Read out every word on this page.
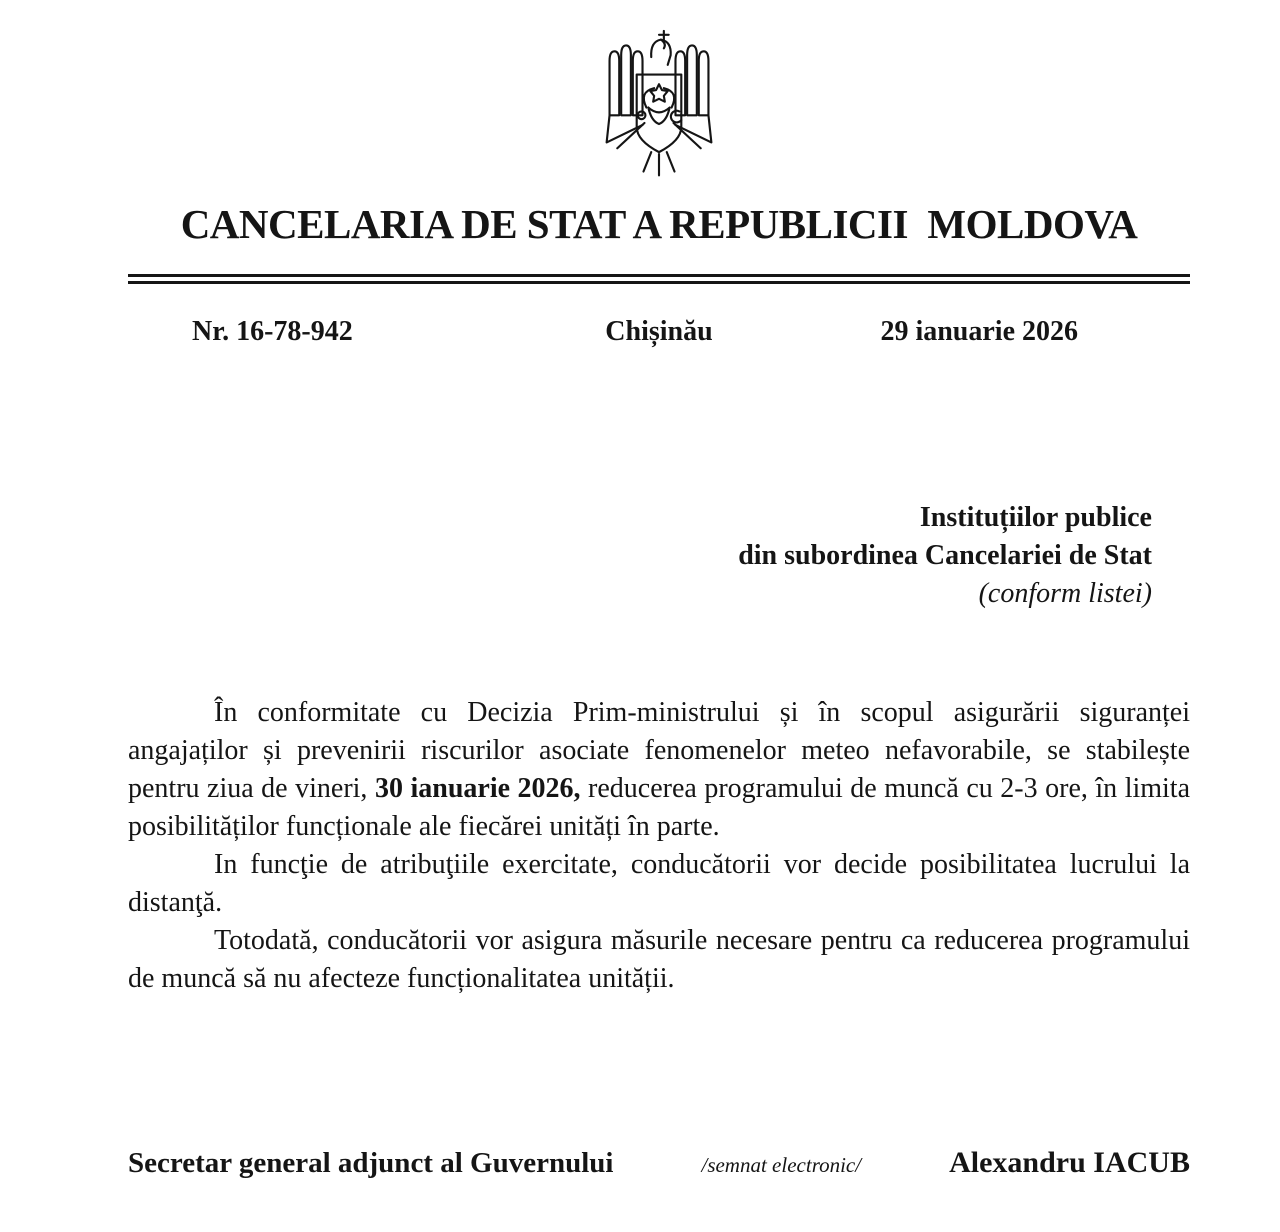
CANCELARIA DE STAT A REPUBLICII  MOLDOVA
Nr. 16-78-942	Chișinău	29 ianuarie 2026
Instituțiilor publice
din subordinea Cancelariei de Stat
(conform listei)

În conformitate cu Decizia Prim-ministrului și în scopul asigurării siguranței angajaților și prevenirii riscurilor asociate fenomenelor meteo nefavorabile, se stabilește pentru ziua de vineri, 30 ianuarie 2026, reducerea programului de muncă cu 2-3 ore, în limita posibilităților funcționale ale fiecărei unități în parte.

In funcţie de atribuţiile exercitate, conducătorii vor decide posibilitatea lucrului la distanţă.

Totodată, conducătorii vor asigura măsurile necesare pentru ca reducerea programului de muncă să nu afecteze funcționalitatea unității.

Secretar general adjunct al Guvernului	/semnat electronic/	Alexandru IACUB
